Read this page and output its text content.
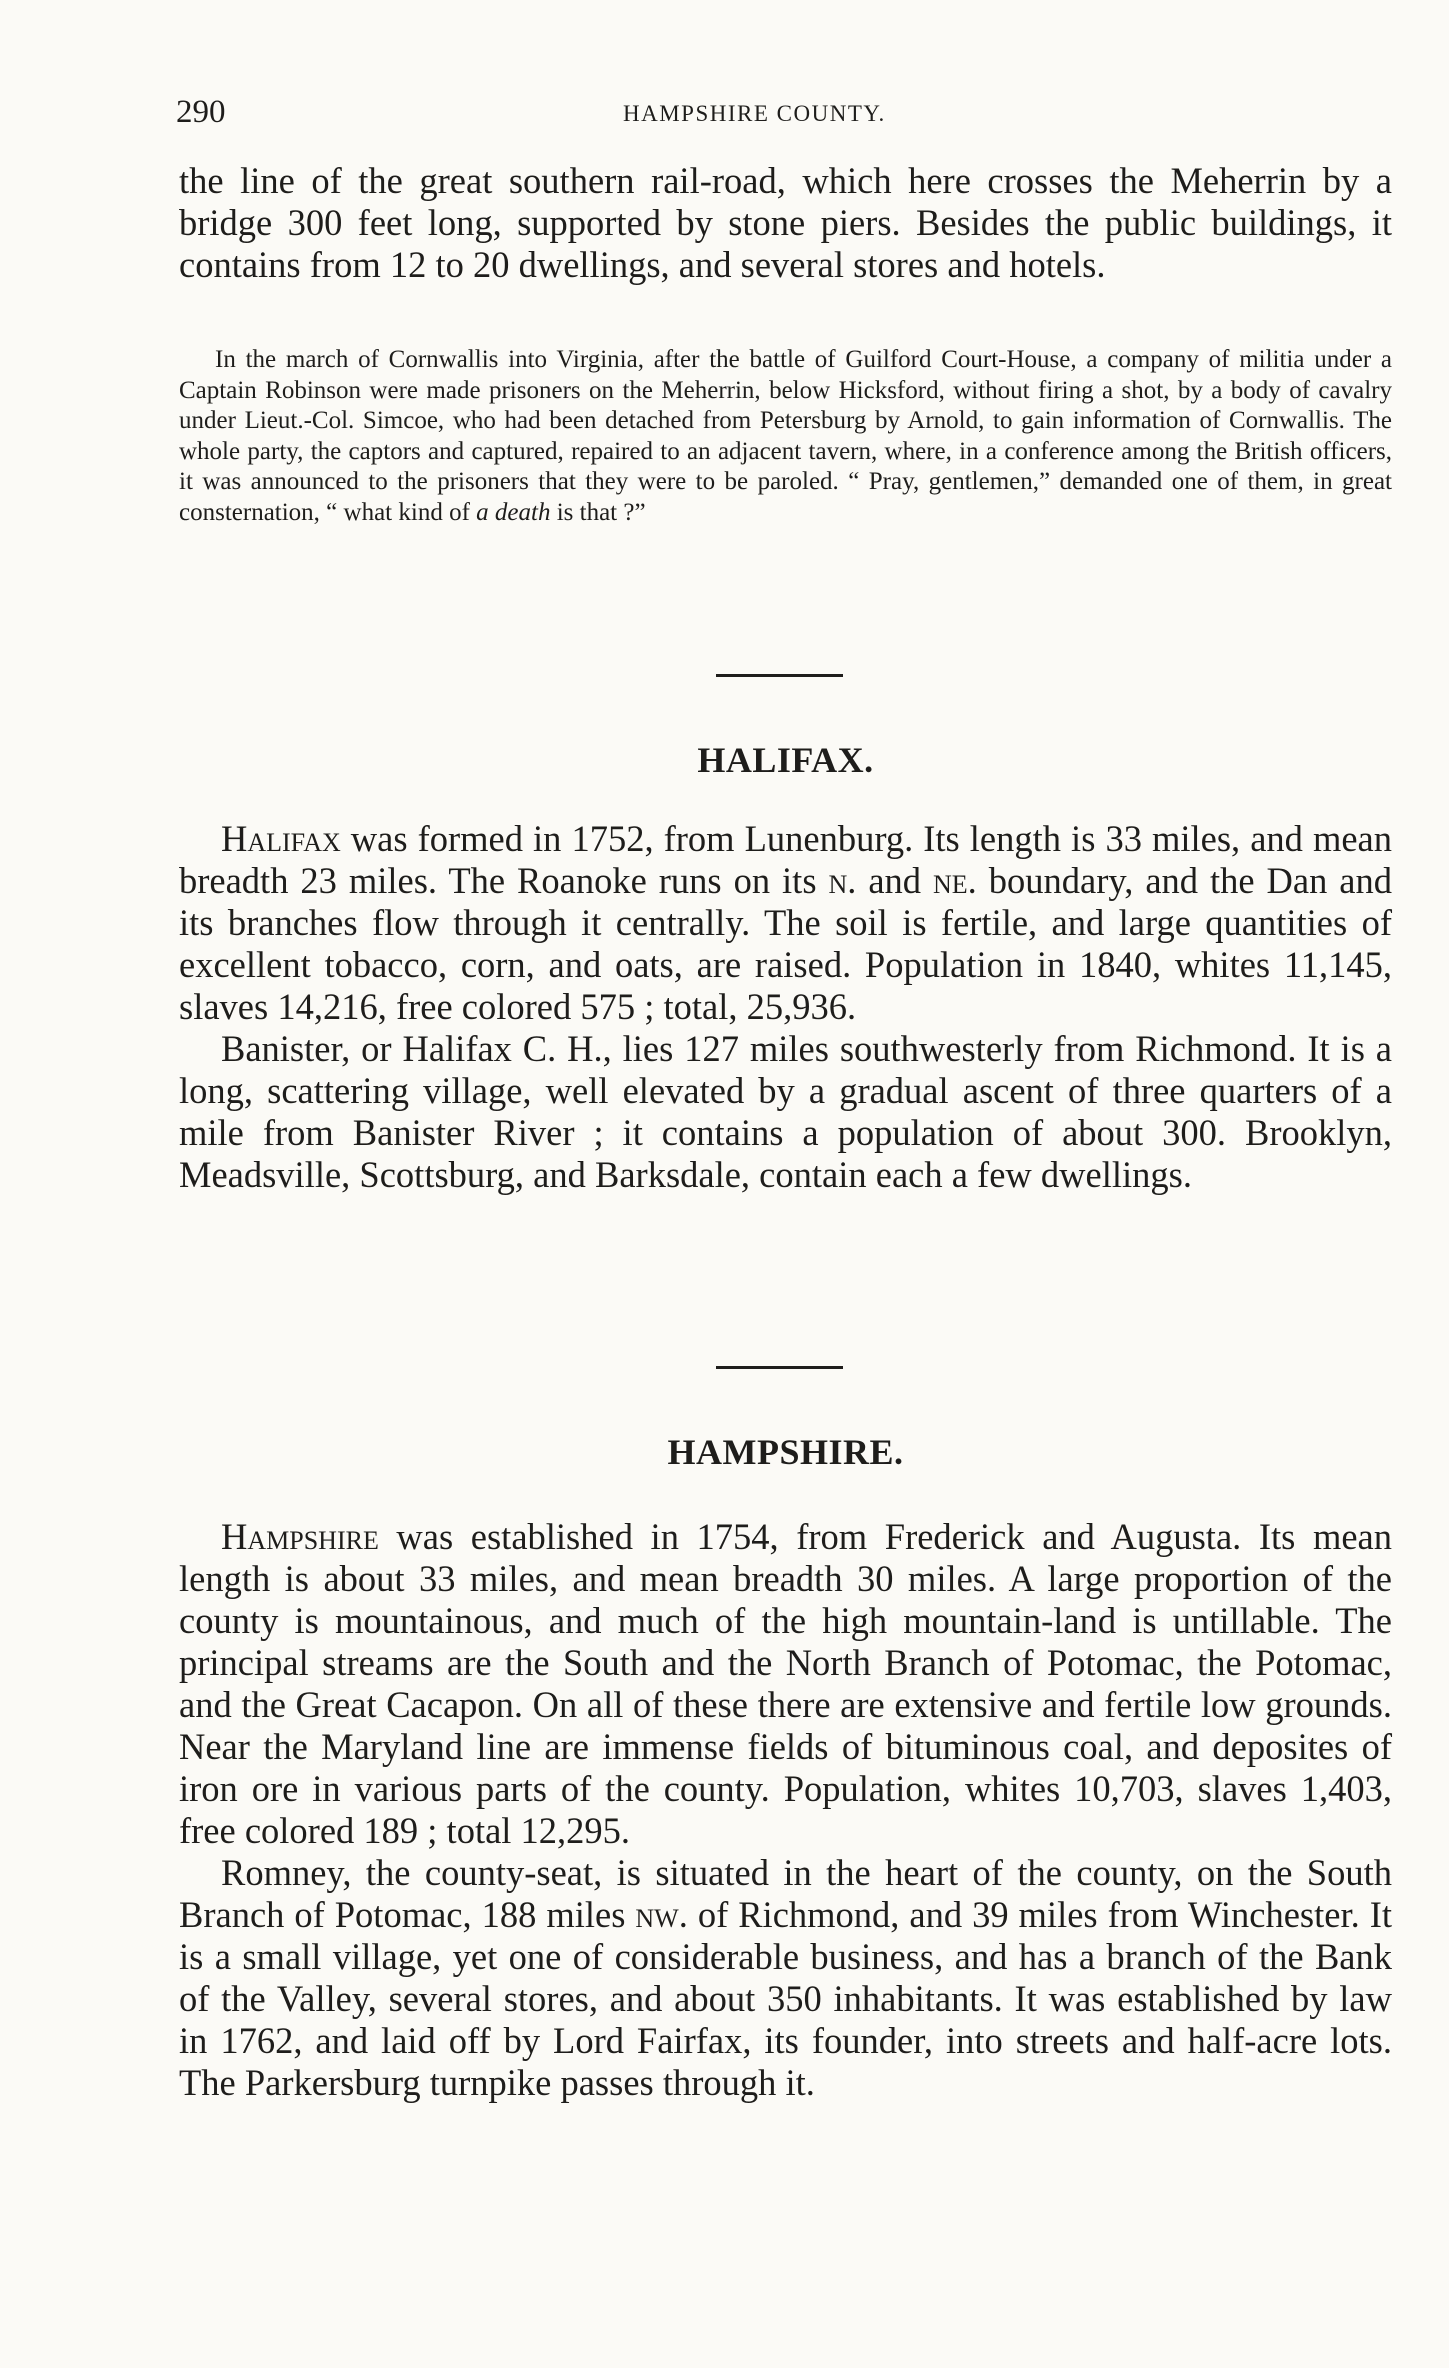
290	HAMPSHIRE COUNTY.

the line of the great southern rail-road, which here crosses the Meherrin by a bridge 300 feet long, supported by stone piers. Besides the public buildings, it contains from 12 to 20 dwellings, and several stores and hotels.

In the march of Cornwallis into Virginia, after the battle of Guilford Court-House, a company of militia under a Captain Robinson were made prisoners on the Meherrin, below Hicksford, without firing a shot, by a body of cavalry under Lieut.-Col. Simcoe, who had been detached from Petersburg by Arnold, to gain information of Cornwallis. The whole party, the captors and captured, repaired to an adjacent tavern, where, in a conference among the British officers, it was announced to the prisoners that they were to be paroled. “ Pray, gentlemen,” demanded one of them, in great consternation, “ what kind of a death is that ?”

HALIFAX.

Halifax was formed in 1752, from Lunenburg. Its length is 33 miles, and mean breadth 23 miles. The Roanoke runs on its n. and ne. boundary, and the Dan and its branches flow through it centrally. The soil is fertile, and large quantities of excellent tobacco, corn, and oats, are raised. Population in 1840, whites 11,145, slaves 14,216, free colored 575 ; total, 25,936.

Banister, or Halifax C. H., lies 127 miles southwesterly from Richmond. It is a long, scattering village, well elevated by a gradual ascent of three quarters of a mile from Banister River ; it contains a population of about 300. Brooklyn, Meadsville, Scottsburg, and Barksdale, contain each a few dwellings.

HAMPSHIRE.

Hampshire was established in 1754, from Frederick and Augusta. Its mean length is about 33 miles, and mean breadth 30 miles. A large proportion of the county is mountainous, and much of the high mountain-land is untillable. The principal streams are the South and the North Branch of Potomac, the Potomac, and the Great Cacapon. On all of these there are extensive and fertile low grounds. Near the Maryland line are immense fields of bituminous coal, and deposites of iron ore in various parts of the county. Population, whites 10,703, slaves 1,403, free colored 189 ; total 12,295.

Romney, the county-seat, is situated in the heart of the county, on the South Branch of Potomac, 188 miles nw. of Richmond, and 39 miles from Winchester. It is a small village, yet one of considerable business, and has a branch of the Bank of the Valley, several stores, and about 350 inhabitants. It was established by law in 1762, and laid off by Lord Fairfax, its founder, into streets and half-acre lots. The Parkersburg turnpike passes through it.
